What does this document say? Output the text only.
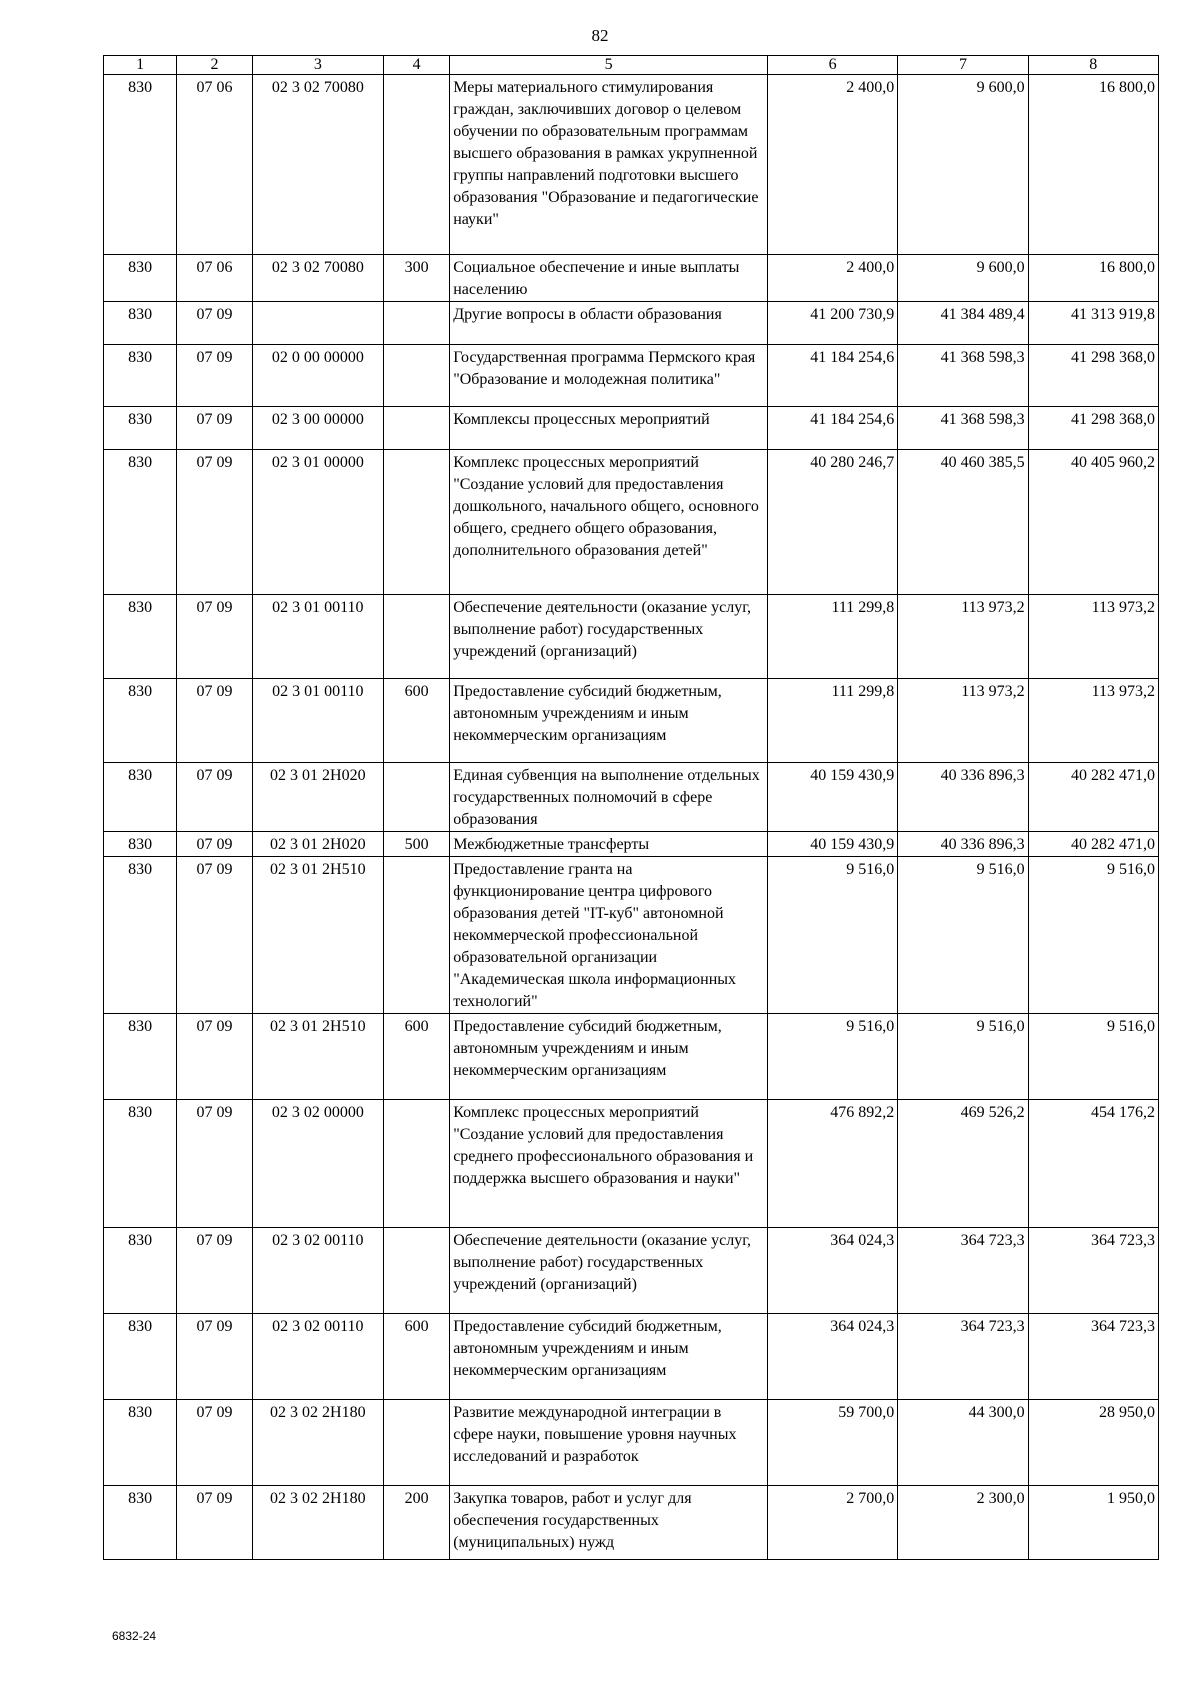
82
1	2	3	4	5	6	7	8
830	07 06	02 3 02 70080		Меры материального стимулирования граждан, заключивших договор о целевом обучении по образовательным программам высшего образования в рамках укрупненной группы направлений подготовки высшего образования "Образование и педагогические науки"	2 400,0	9 600,0	16 800,0
830	07 06	02 3 02 70080	300	Социальное обеспечение и иные выплаты населению	2 400,0	9 600,0	16 800,0
830	07 09			Другие вопросы в области образования	41 200 730,9	41 384 489,4	41 313 919,8
830	07 09	02 0 00 00000		Государственная программа Пермского края "Образование и молодежная политика"	41 184 254,6	41 368 598,3	41 298 368,0
830	07 09	02 3 00 00000		Комплексы процессных мероприятий	41 184 254,6	41 368 598,3	41 298 368,0
830	07 09	02 3 01 00000		Комплекс процессных мероприятий "Создание условий для предоставления дошкольного, начального общего, основного общего, среднего общего образования, дополнительного образования детей"	40 280 246,7	40 460 385,5	40 405 960,2
830	07 09	02 3 01 00110		Обеспечение деятельности (оказание услуг, выполнение работ) государственных учреждений (организаций)	111 299,8	113 973,2	113 973,2
830	07 09	02 3 01 00110	600	Предоставление субсидий бюджетным, автономным учреждениям и иным некоммерческим организациям	111 299,8	113 973,2	113 973,2
830	07 09	02 3 01 2Н020		Единая субвенция на выполнение отдельных государственных полномочий в сфере образования	40 159 430,9	40 336 896,3	40 282 471,0
830	07 09	02 3 01 2Н020	500	Межбюджетные трансферты	40 159 430,9	40 336 896,3	40 282 471,0
830	07 09	02 3 01 2Н510		Предоставление гранта на функционирование центра цифрового образования детей "IT-куб" автономной некоммерческой профессиональной образовательной организации "Академическая школа информационных технологий"	9 516,0	9 516,0	9 516,0
830	07 09	02 3 01 2Н510	600	Предоставление субсидий бюджетным, автономным учреждениям и иным некоммерческим организациям	9 516,0	9 516,0	9 516,0
830	07 09	02 3 02 00000		Комплекс процессных мероприятий "Создание условий для предоставления среднего профессионального образования и поддержка высшего образования и науки"	476 892,2	469 526,2	454 176,2
830	07 09	02 3 02 00110		Обеспечение деятельности (оказание услуг, выполнение работ) государственных учреждений (организаций)	364 024,3	364 723,3	364 723,3
830	07 09	02 3 02 00110	600	Предоставление субсидий бюджетным, автономным учреждениям и иным некоммерческим организациям	364 024,3	364 723,3	364 723,3
830	07 09	02 3 02 2Н180		Развитие международной интеграции в сфере науки, повышение уровня научных исследований и разработок	59 700,0	44 300,0	28 950,0
830	07 09	02 3 02 2Н180	200	Закупка товаров, работ и услуг для обеспечения государственных (муниципальных) нужд	2 700,0	2 300,0	1 950,0
6832-24
